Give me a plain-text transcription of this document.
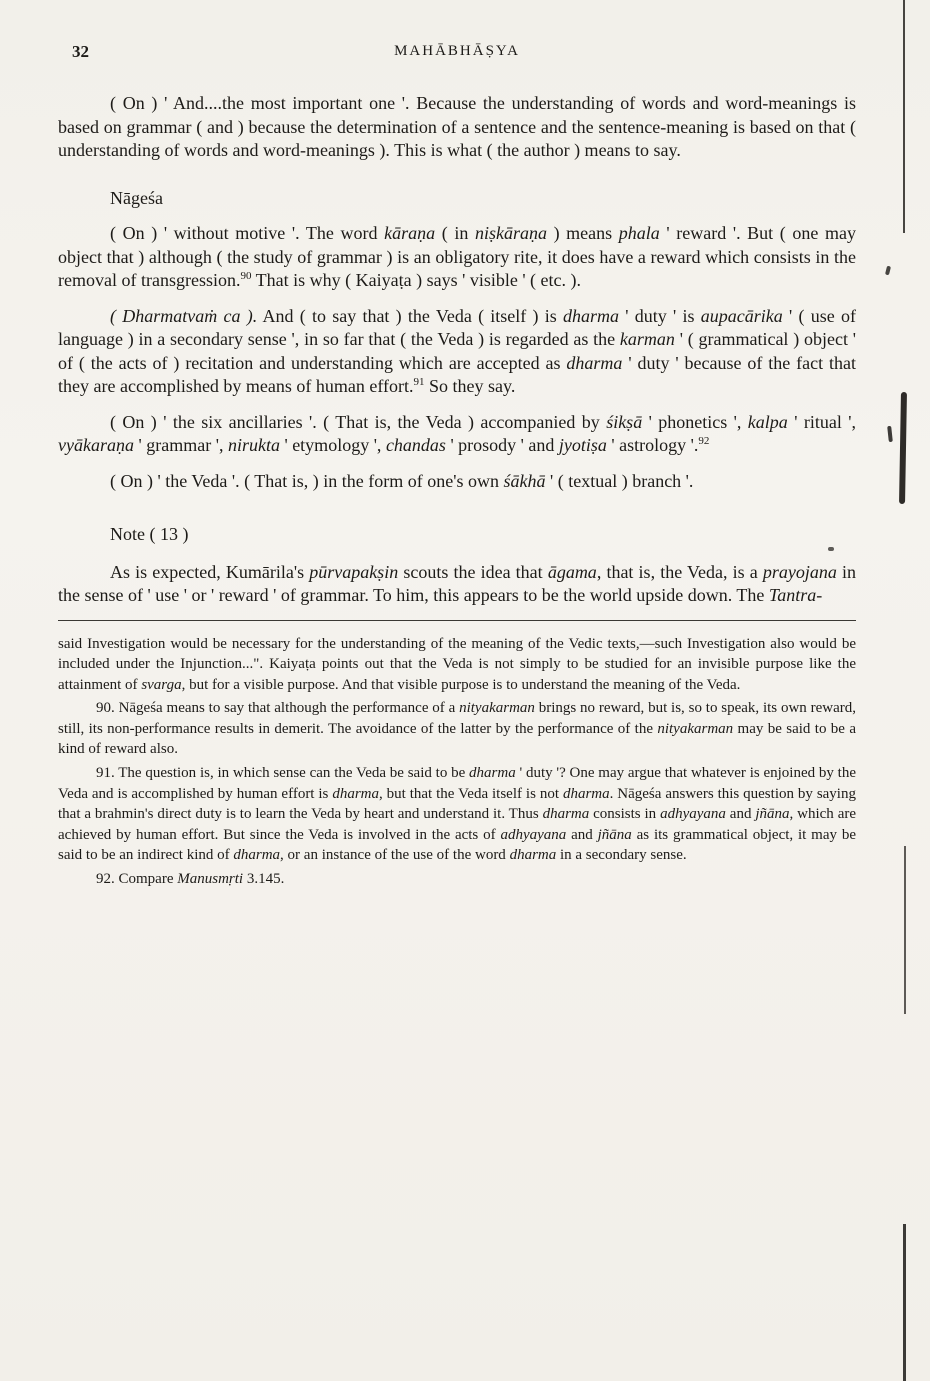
32	MAHĀBHĀṢYA

( On ) ' And....the most important one '. Because the understanding of words and word-meanings is based on grammar ( and ) because the determination of a sentence and the sentence-meaning is based on that ( understanding of words and word-meanings ). This is what ( the author ) means to say.

Nāgeśa

( On ) ' without motive '. The word kāraṇa ( in niṣkāraṇa ) means phala ' reward '. But ( one may object that ) although ( the study of grammar ) is an obligatory rite, it does have a reward which consists in the removal of transgression.$^{90}$ That is why ( Kaiyaṭa ) says ' visible ' ( etc. ).

( Dharmatvaṁ ca ). And ( to say that ) the Veda ( itself ) is dharma ' duty ' is aupacārika ' ( use of language ) in a secondary sense ', in so far that ( the Veda ) is regarded as the karman ' ( grammatical ) object ' of ( the acts of ) recitation and understanding which are accepted as dharma ' duty ' because of the fact that they are accomplished by means of human effort.$^{91}$ So they say.

( On ) ' the six ancillaries '. ( That is, the Veda ) accompanied by śikṣā ' phonetics ', kalpa ' ritual ', vyākaraṇa ' grammar ', nirukta ' etymology ', chandas ' prosody ' and jyotiṣa ' astrology '.$^{92}$

( On ) ' the Veda '. ( That is, ) in the form of one's own śākhā ' ( textual ) branch '.

Note ( 13 )

As is expected, Kumārila's pūrvapakṣin scouts the idea that āgama, that is, the Veda, is a prayojana in the sense of ' use ' or ' reward ' of grammar. To him, this appears to be the world upside down. The Tantra-

said Investigation would be necessary for the understanding of the meaning of the Vedic texts,—such Investigation also would be included under the Injunction...". Kaiyaṭa points out that the Veda is not simply to be studied for an invisible purpose like the attainment of svarga, but for a visible purpose. And that visible purpose is to understand the meaning of the Veda.

90. Nāgeśa means to say that although the performance of a nityakarman brings no reward, but is, so to speak, its own reward, still, its non-performance results in demerit. The avoidance of the latter by the performance of the nityakarman may be said to be a kind of reward also.

91. The question is, in which sense can the Veda be said to be dharma ' duty '? One may argue that whatever is enjoined by the Veda and is accomplished by human effort is dharma, but that the Veda itself is not dharma. Nāgeśa answers this question by saying that a brahmin's direct duty is to learn the Veda by heart and understand it. Thus dharma consists in adhyayana and jñāna, which are achieved by human effort. But since the Veda is involved in the acts of adhyayana and jñāna as its grammatical object, it may be said to be an indirect kind of dharma, or an instance of the use of the word dharma in a secondary sense.

92. Compare Manusmṛti 3.145.
